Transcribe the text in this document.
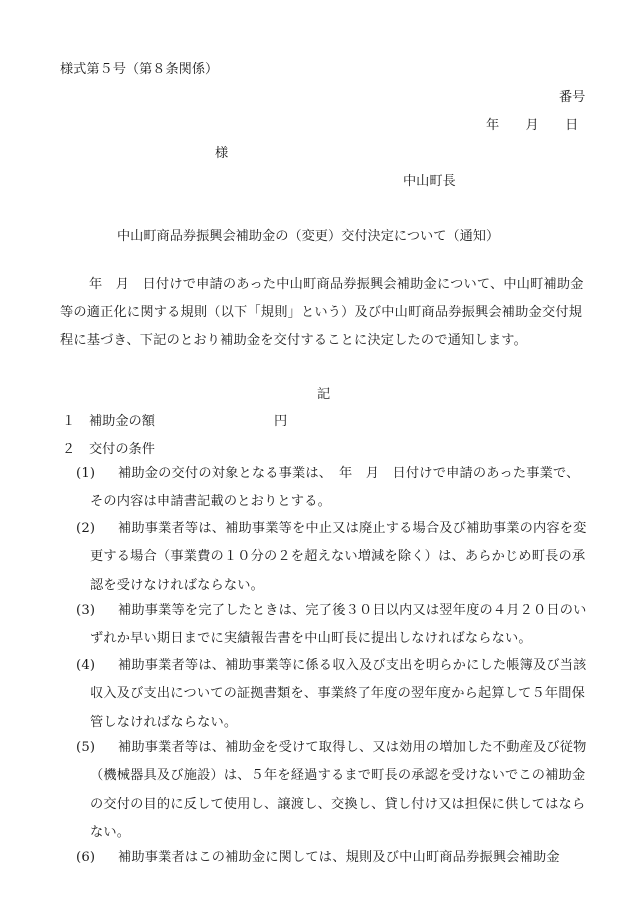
様式第５号（第８条関係）
番号
年　　月　　日
様
中山町長
中山町商品券振興会補助金の（変更）交付決定について（通知）
年　月　日付けで申請のあった中山町商品券振興会補助金について、中山町補助金等の適正化に関する規則（以下「規則」という）及び中山町商品券振興会補助金交付規程に基づき、下記のとおり補助金を交付することに決定したので通知します。
記
１ 補助金の額	円
２ 交付の条件
(1)	補助金の交付の対象となる事業は、　年　月　日付けで申請のあった事業で、その内容は申請書記載のとおりとする。
(2)	補助事業者等は、補助事業等を中止又は廃止する場合及び補助事業の内容を変更する場合（事業費の１０分の２を超えない増減を除く）は、あらかじめ町長の承認を受けなければならない。
(3)	補助事業等を完了したときは、完了後３０日以内又は翌年度の４月２０日のいずれか早い期日までに実績報告書を中山町長に提出しなければならない。
(4)	補助事業者等は、補助事業等に係る収入及び支出を明らかにした帳簿及び当該収入及び支出についての証拠書類を、事業終了年度の翌年度から起算して５年間保管しなければならない。
(5)	補助事業者等は、補助金を受けて取得し、又は効用の増加した不動産及び従物（機械器具及び施設）は、５年を経過するまで町長の承認を受けないでこの補助金の交付の目的に反して使用し、譲渡し、交換し、貸し付け又は担保に供してはならない。
(6)	補助事業者はこの補助金に関しては、規則及び中山町商品券振興会補助金
